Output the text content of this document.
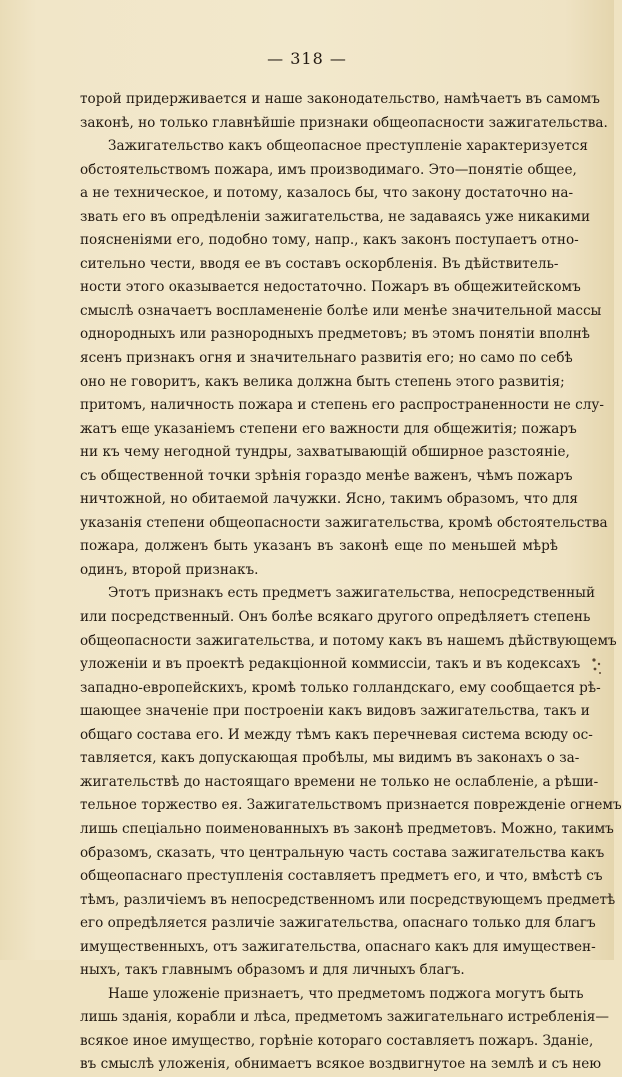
— 318 —
торой придерживается и наше законодательство, намѣчаетъ въ самомъ
законѣ, но только главнѣйшiе признаки общеопасности зажигательства.
Зажигательство какъ общеопасное преступленiе характеризуется
обстоятельствомъ пожара, имъ производимаго. Это—понятiе общее,
а не техническое, и потому, казалось бы, что закону достаточно на-
звать его въ опредѣленiи зажигательства, не задаваясь уже никакими
поясненiями его, подобно тому, напр., какъ законъ поступаетъ отно-
сительно чести, вводя ее въ составъ оскорбленiя. Въ дѣйствитель-
ности этого оказывается недостаточно. Пожаръ въ общежитейскомъ
смыслѣ означаетъ воспламененiе болѣе или менѣе значительной массы
однородныхъ или разнородныхъ предметовъ; въ этомъ понятiи вполнѣ
ясенъ признакъ огня и значительнаго развитiя его; но само по себѣ
оно не говоритъ, какъ велика должна быть степень этого развитiя;
притомъ, наличность пожара и степень его распространенности не слу-
жатъ еще указанiемъ степени его важности для общежитiя; пожаръ
ни къ чему негодной тундры, захватывающiй обширное разстоянiе,
съ общественной точки зрѣнiя гораздо менѣе важенъ, чѣмъ пожаръ
ничтожной, но обитаемой лачужки. Ясно, такимъ образомъ, что для
указанiя степени общеопасности зажигательства, кромѣ обстоятельства
пожара, долженъ быть указанъ въ законѣ еще по меньшей мѣрѣ
одинъ, второй признакъ.
Этотъ признакъ есть предметъ зажигательства, непосредственный
или посредственный. Онъ болѣе всякаго другого опредѣляетъ степень
общеопасности зажигательства, и потому какъ въ нашемъ дѣйствующемъ
уложенiи и въ проектѣ редакцiонной коммиссiи, такъ и въ кодексахъ
западно-европейскихъ, кромѣ только голландскаго, ему сообщается рѣ-
шающее значенiе при построенiи какъ видовъ зажигательства, такъ и
общаго состава его. И между тѣмъ какъ перечневая система всюду ос-
тавляется, какъ допускающая пробѣлы, мы видимъ въ законахъ о за-
жигательствѣ до настоящаго времени не только не ослабленiе, а рѣши-
тельное торжество ея. Зажигательствомъ признается поврежденiе огнемъ
лишь спецiально поименованныхъ въ законѣ предметовъ. Можно, такимъ
образомъ, сказать, что центральную часть состава зажигательства какъ
общеопаснаго преступленiя составляетъ предметъ его, и что, вмѣстѣ съ
тѣмъ, различiемъ въ непосредственномъ или посредствующемъ предметѣ
его опредѣляется различiе зажигательства, опаснаго только для благъ
имущественныхъ, отъ зажигательства, опаснаго какъ для имуществен-
ныхъ, такъ главнымъ образомъ и для личныхъ благъ.
Наше уложенiе признаетъ, что предметомъ поджога могутъ быть
лишь зданiя, корабли и лѣса, предметомъ зажигательнаго истребленiя—
всякое иное имущество, горѣнiе котораго составляетъ пожаръ. Зданiе,
въ смыслѣ уложенiя, обнимаетъ всякое воздвигнутое на землѣ и съ нею
